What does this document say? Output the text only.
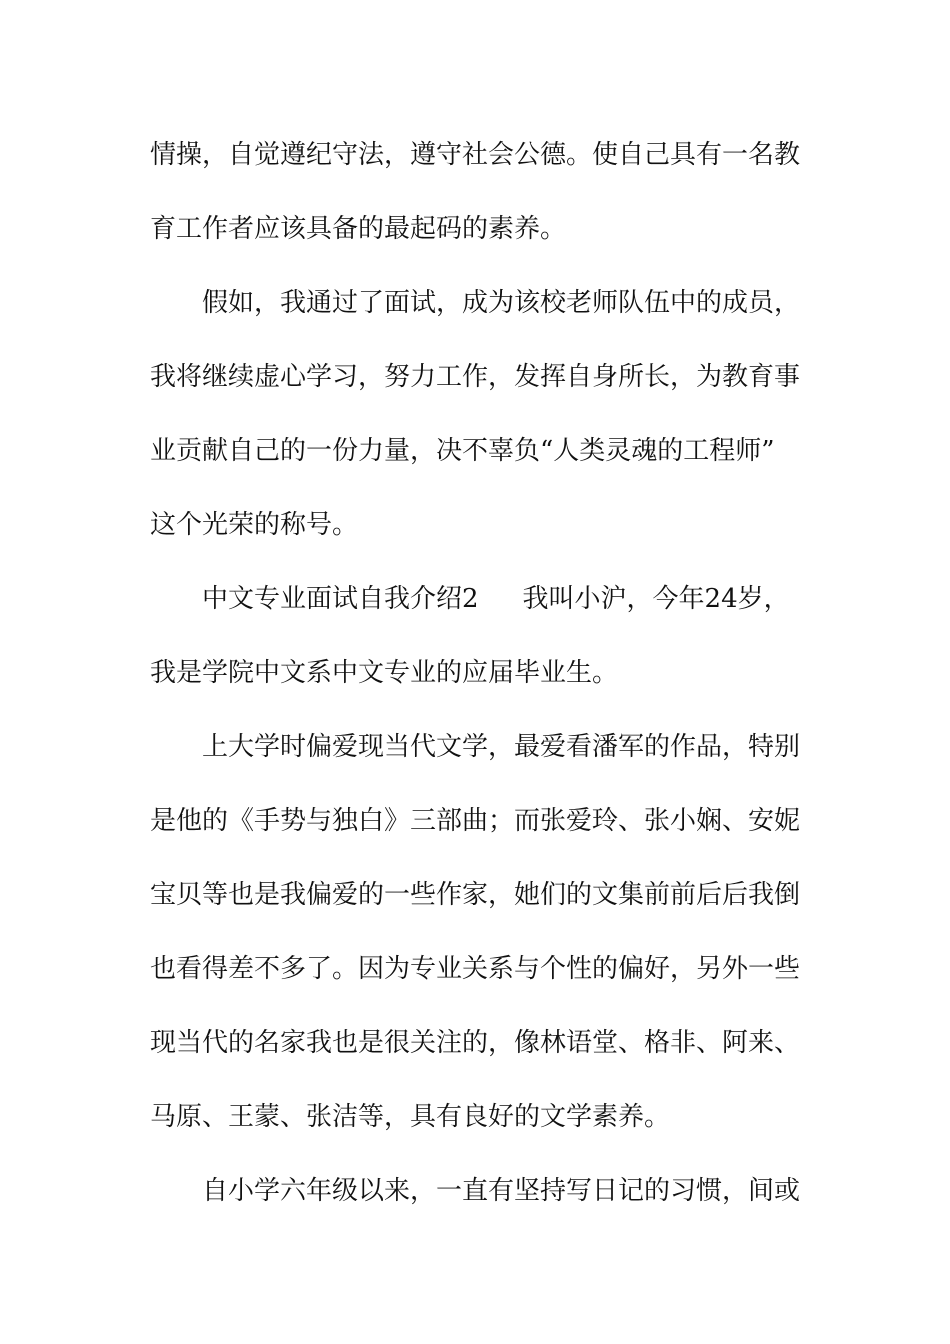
情操，自觉遵纪守法，遵守社会公德。使自己具有一名教
育工作者应该具备的最起码的素养。
假如，我通过了面试，成为该校老师队伍中的成员，
我将继续虚心学习，努力工作，发挥自身所长，为教育事
业贡献自己的一份力量，决不辜负“人类灵魂的工程师”
这个光荣的称号。
中文专业面试自我介绍2 我叫小沪，今年24岁，
我是学院中文系中文专业的应届毕业生。
上大学时偏爱现当代文学，最爱看潘军的作品，特别
是他的《手势与独白》三部曲；而张爱玲、张小娴、安妮
宝贝等也是我偏爱的一些作家，她们的文集前前后后我倒
也看得差不多了。因为专业关系与个性的偏好，另外一些
现当代的名家我也是很关注的，像林语堂、格非、阿来、
马原、王蒙、张洁等，具有良好的文学素养。
自小学六年级以来，一直有坚持写日记的习惯，间或
